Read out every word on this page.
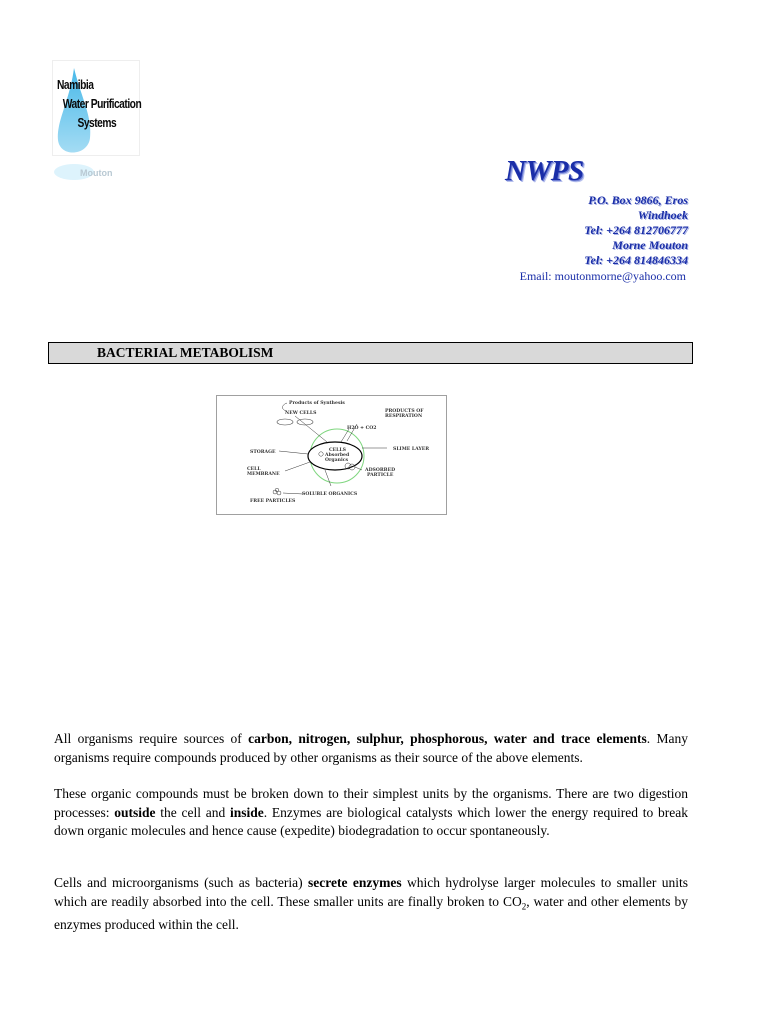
Namibia
Water Purification
Systems
Mouton	NWPS
P.O. Box 9866, Eros
Windhoek
Tel: +264 812706777
Morne Mouton
Tel: +264 814846334
Email: moutonmorne@yahoo.com
BACTERIAL METABOLISM
Products of Synthesis
NEW CELLS	PRODUCTS OF
RESPIRATION
H2O + CO2
CELLS
Absorbed
Organics
STORAGE
SLIME LAYER
CELL
MEMBRANE
ADSORBED
PARTICLE
SOLUBLE ORGANICS
FREE PARTICLES

All organisms require sources of carbon, nitrogen, sulphur, phosphorous, water and trace elements. Many organisms require compounds produced by other organisms as their source of the above elements.

These organic compounds must be broken down to their simplest units by the organisms. There are two digestion processes: outside the cell and inside. Enzymes are biological catalysts which lower the energy required to break down organic molecules and hence cause (expedite) biodegradation to occur spontaneously.

Cells and microorganisms (such as bacteria) secrete enzymes which hydrolyse larger molecules to smaller units which are readily absorbed into the cell. These smaller units are finally broken to $CO_2$, water and other elements by enzymes produced within the cell.
